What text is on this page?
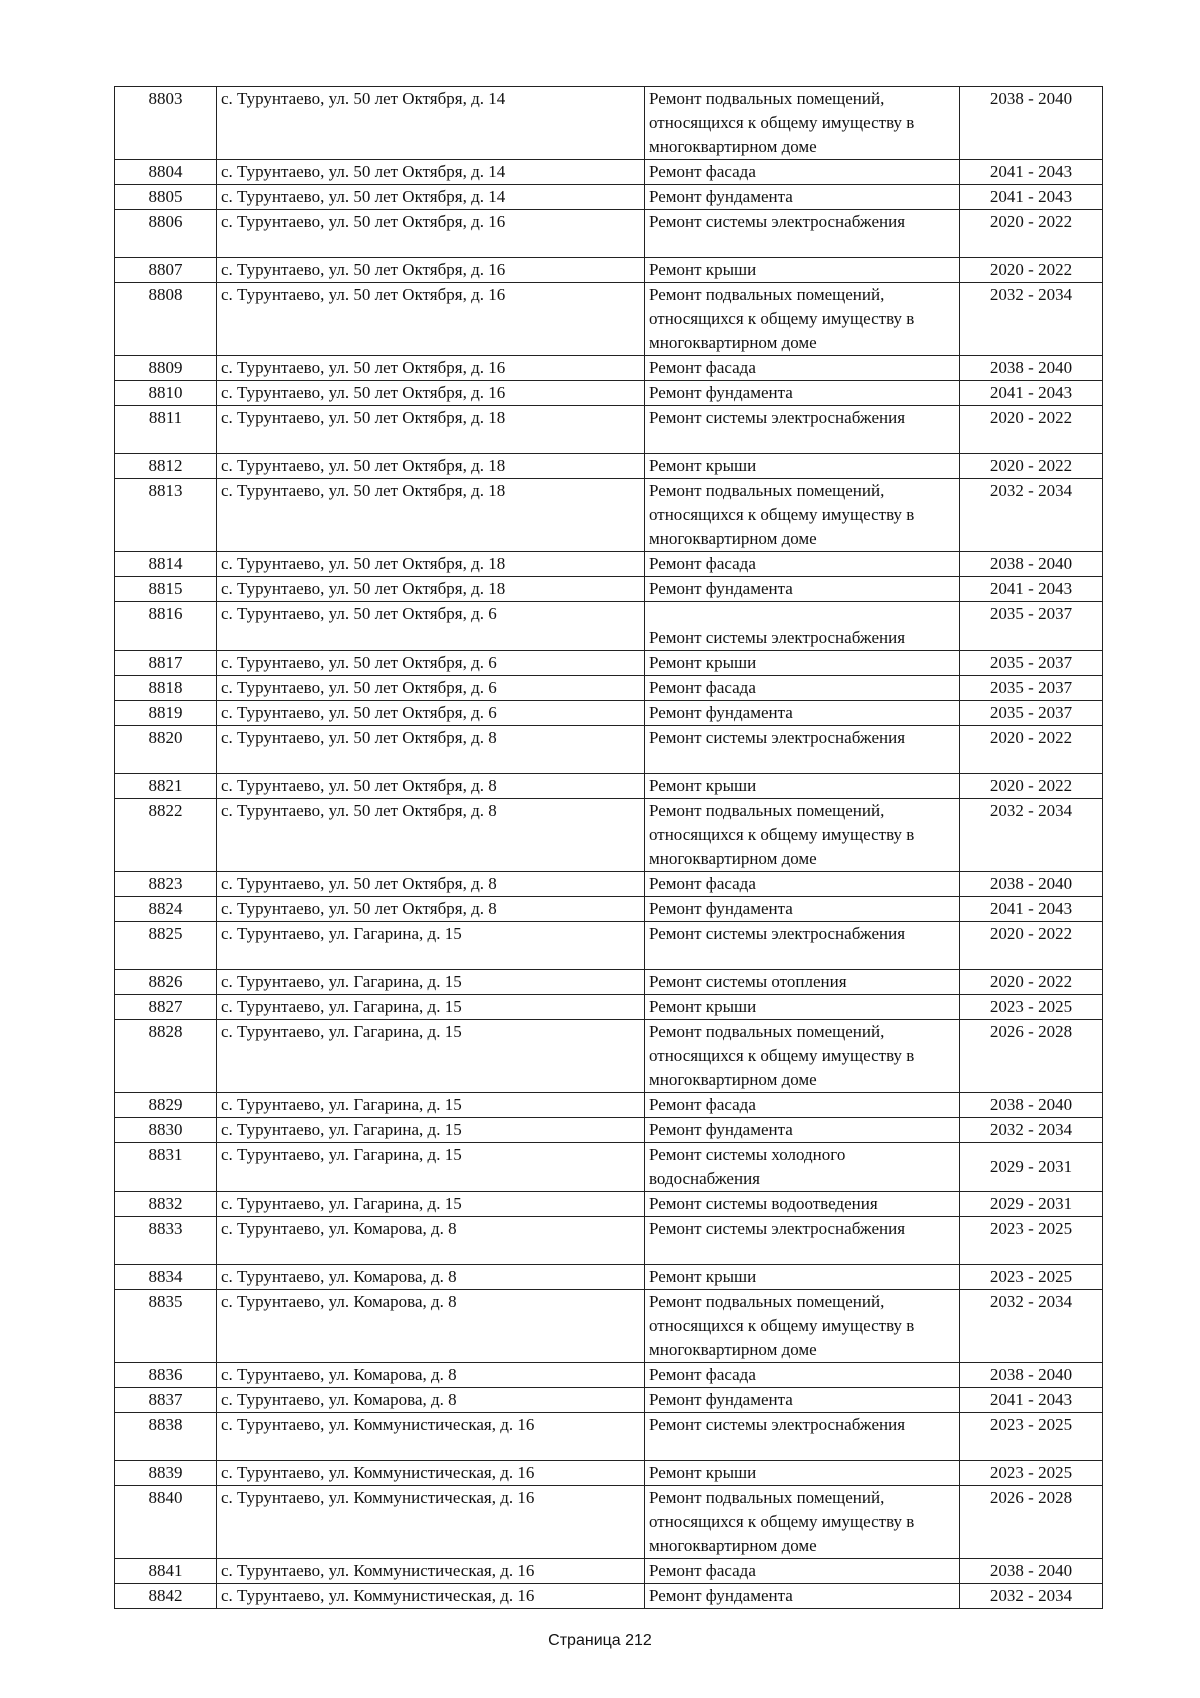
8803	с. Турунтаево, ул. 50 лет Октября, д. 14	Ремонт подвальных помещений, относящихся к общему имуществу в многоквартирном доме	2038 - 2040
8804	с. Турунтаево, ул. 50 лет Октября, д. 14	Ремонт фасада	2041 - 2043
8805	с. Турунтаево, ул. 50 лет Октября, д. 14	Ремонт фундамента	2041 - 2043
8806	с. Турунтаево, ул. 50 лет Октября, д. 16	Ремонт системы электроснабжения	2020 - 2022
8807	с. Турунтаево, ул. 50 лет Октября, д. 16	Ремонт крыши	2020 - 2022
8808	с. Турунтаево, ул. 50 лет Октября, д. 16	Ремонт подвальных помещений, относящихся к общему имуществу в многоквартирном доме	2032 - 2034
8809	с. Турунтаево, ул. 50 лет Октября, д. 16	Ремонт фасада	2038 - 2040
8810	с. Турунтаево, ул. 50 лет Октября, д. 16	Ремонт фундамента	2041 - 2043
8811	с. Турунтаево, ул. 50 лет Октября, д. 18	Ремонт системы электроснабжения	2020 - 2022
8812	с. Турунтаево, ул. 50 лет Октября, д. 18	Ремонт крыши	2020 - 2022
8813	с. Турунтаево, ул. 50 лет Октября, д. 18	Ремонт подвальных помещений, относящихся к общему имуществу в многоквартирном доме	2032 - 2034
8814	с. Турунтаево, ул. 50 лет Октября, д. 18	Ремонт фасада	2038 - 2040
8815	с. Турунтаево, ул. 50 лет Октября, д. 18	Ремонт фундамента	2041 - 2043
8816	с. Турунтаево, ул. 50 лет Октября, д. 6	Ремонт системы электроснабжения	2035 - 2037
8817	с. Турунтаево, ул. 50 лет Октября, д. 6	Ремонт крыши	2035 - 2037
8818	с. Турунтаево, ул. 50 лет Октября, д. 6	Ремонт фасада	2035 - 2037
8819	с. Турунтаево, ул. 50 лет Октября, д. 6	Ремонт фундамента	2035 - 2037
8820	с. Турунтаево, ул. 50 лет Октября, д. 8	Ремонт системы электроснабжения	2020 - 2022
8821	с. Турунтаево, ул. 50 лет Октября, д. 8	Ремонт крыши	2020 - 2022
8822	с. Турунтаево, ул. 50 лет Октября, д. 8	Ремонт подвальных помещений, относящихся к общему имуществу в многоквартирном доме	2032 - 2034
8823	с. Турунтаево, ул. 50 лет Октября, д. 8	Ремонт фасада	2038 - 2040
8824	с. Турунтаево, ул. 50 лет Октября, д. 8	Ремонт фундамента	2041 - 2043
8825	с. Турунтаево, ул. Гагарина, д. 15	Ремонт системы электроснабжения	2020 - 2022
8826	с. Турунтаево, ул. Гагарина, д. 15	Ремонт системы отопления	2020 - 2022
8827	с. Турунтаево, ул. Гагарина, д. 15	Ремонт крыши	2023 - 2025
8828	с. Турунтаево, ул. Гагарина, д. 15	Ремонт подвальных помещений, относящихся к общему имуществу в многоквартирном доме	2026 - 2028
8829	с. Турунтаево, ул. Гагарина, д. 15	Ремонт фасада	2038 - 2040
8830	с. Турунтаево, ул. Гагарина, д. 15	Ремонт фундамента	2032 - 2034
8831	с. Турунтаево, ул. Гагарина, д. 15	Ремонт системы холодного водоснабжения	2029 - 2031
8832	с. Турунтаево, ул. Гагарина, д. 15	Ремонт системы водоотведения	2029 - 2031
8833	с. Турунтаево, ул. Комарова, д. 8	Ремонт системы электроснабжения	2023 - 2025
8834	с. Турунтаево, ул. Комарова, д. 8	Ремонт крыши	2023 - 2025
8835	с. Турунтаево, ул. Комарова, д. 8	Ремонт подвальных помещений, относящихся к общему имуществу в многоквартирном доме	2032 - 2034
8836	с. Турунтаево, ул. Комарова, д. 8	Ремонт фасада	2038 - 2040
8837	с. Турунтаево, ул. Комарова, д. 8	Ремонт фундамента	2041 - 2043
8838	с. Турунтаево, ул. Коммунистическая, д. 16	Ремонт системы электроснабжения	2023 - 2025
8839	с. Турунтаево, ул. Коммунистическая, д. 16	Ремонт крыши	2023 - 2025
8840	с. Турунтаево, ул. Коммунистическая, д. 16	Ремонт подвальных помещений, относящихся к общему имуществу в многоквартирном доме	2026 - 2028
8841	с. Турунтаево, ул. Коммунистическая, д. 16	Ремонт фасада	2038 - 2040
8842	с. Турунтаево, ул. Коммунистическая, д. 16	Ремонт фундамента	2032 - 2034
Страница 212
